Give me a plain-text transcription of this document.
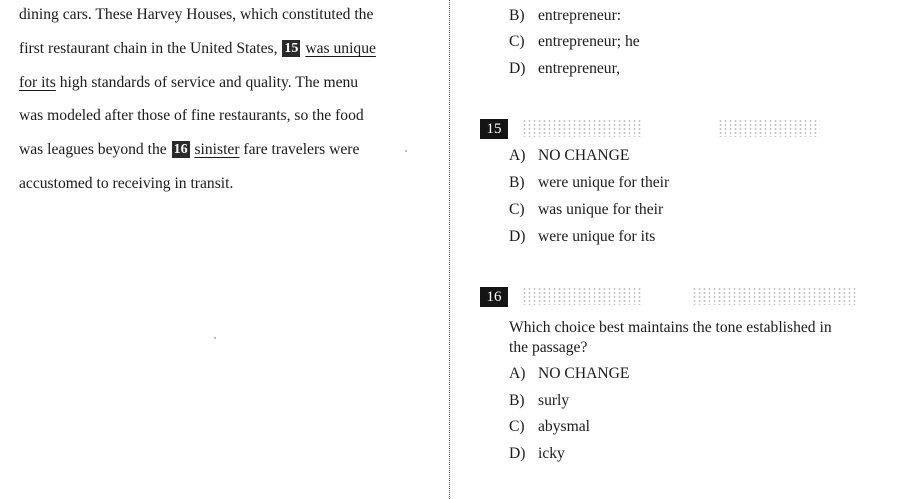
dining cars. These Harvey Houses, which constituted the
first restaurant chain in the United States, 15 was unique
for its high standards of service and quality. The menu
was modeled after those of fine restaurants, so the food
was leagues beyond the 16 sinister fare travelers were
accustomed to receiving in transit.
B) entrepreneur:
C) entrepreneur; he
D) entrepreneur,
15
A) NO CHANGE
B) were unique for their
C) was unique for their
D) were unique for its
16
Which choice best maintains the tone established in
the passage?
A) NO CHANGE
B) surly
C) abysmal
D) icky
